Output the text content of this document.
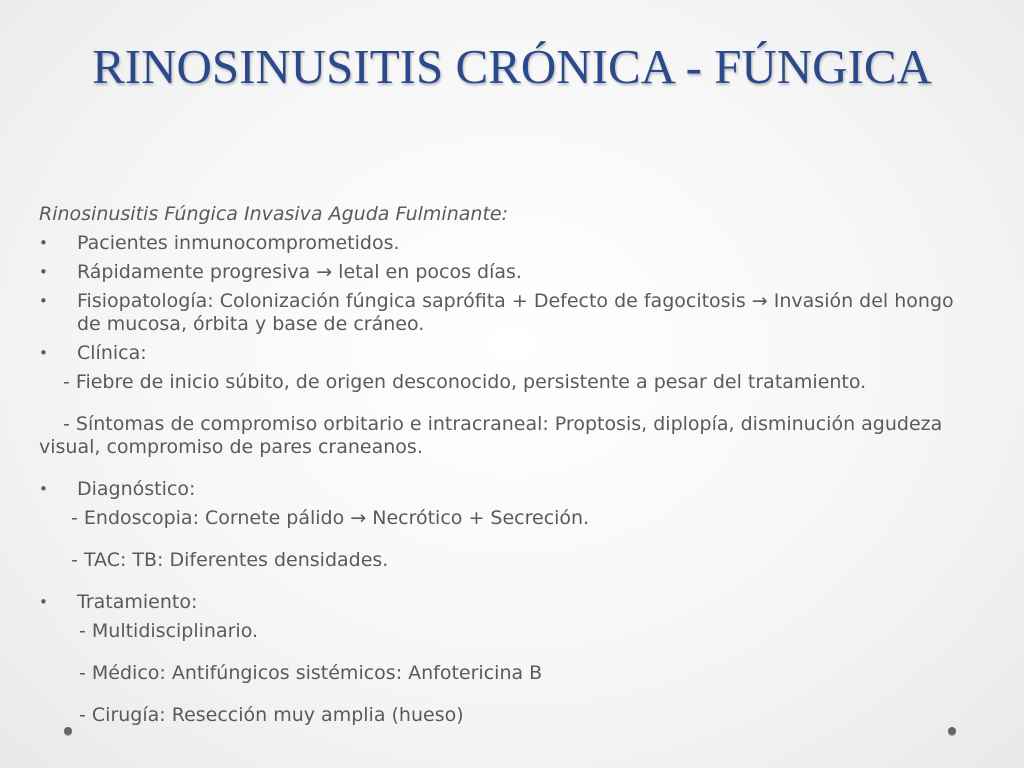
RINOSINUSITIS CRÓNICA - FÚNGICA

Rinosinusitis Fúngica Invasiva Aguda Fulminante:

• Pacientes inmunocomprometidos.
• Rápidamente progresiva → letal en pocos días.
• Fisiopatología: Colonización fúngica saprófita + Defecto de fagocitosis → Invasión del hongo de mucosa, órbita y base de cráneo.
• Clínica:

- Fiebre de inicio súbito, de origen desconocido, persistente a pesar del tratamiento.

- Síntomas de compromiso orbitario e intracraneal: Proptosis, diplopía, disminución agudeza visual, compromiso de pares craneanos.

• Diagnóstico:

- Endoscopia: Cornete pálido → Necrótico + Secreción.

- TAC: TB: Diferentes densidades.

• Tratamiento:

- Multidisciplinario.

- Médico: Antifúngicos sistémicos: Anfotericina B

- Cirugía: Resección muy amplia (hueso)
